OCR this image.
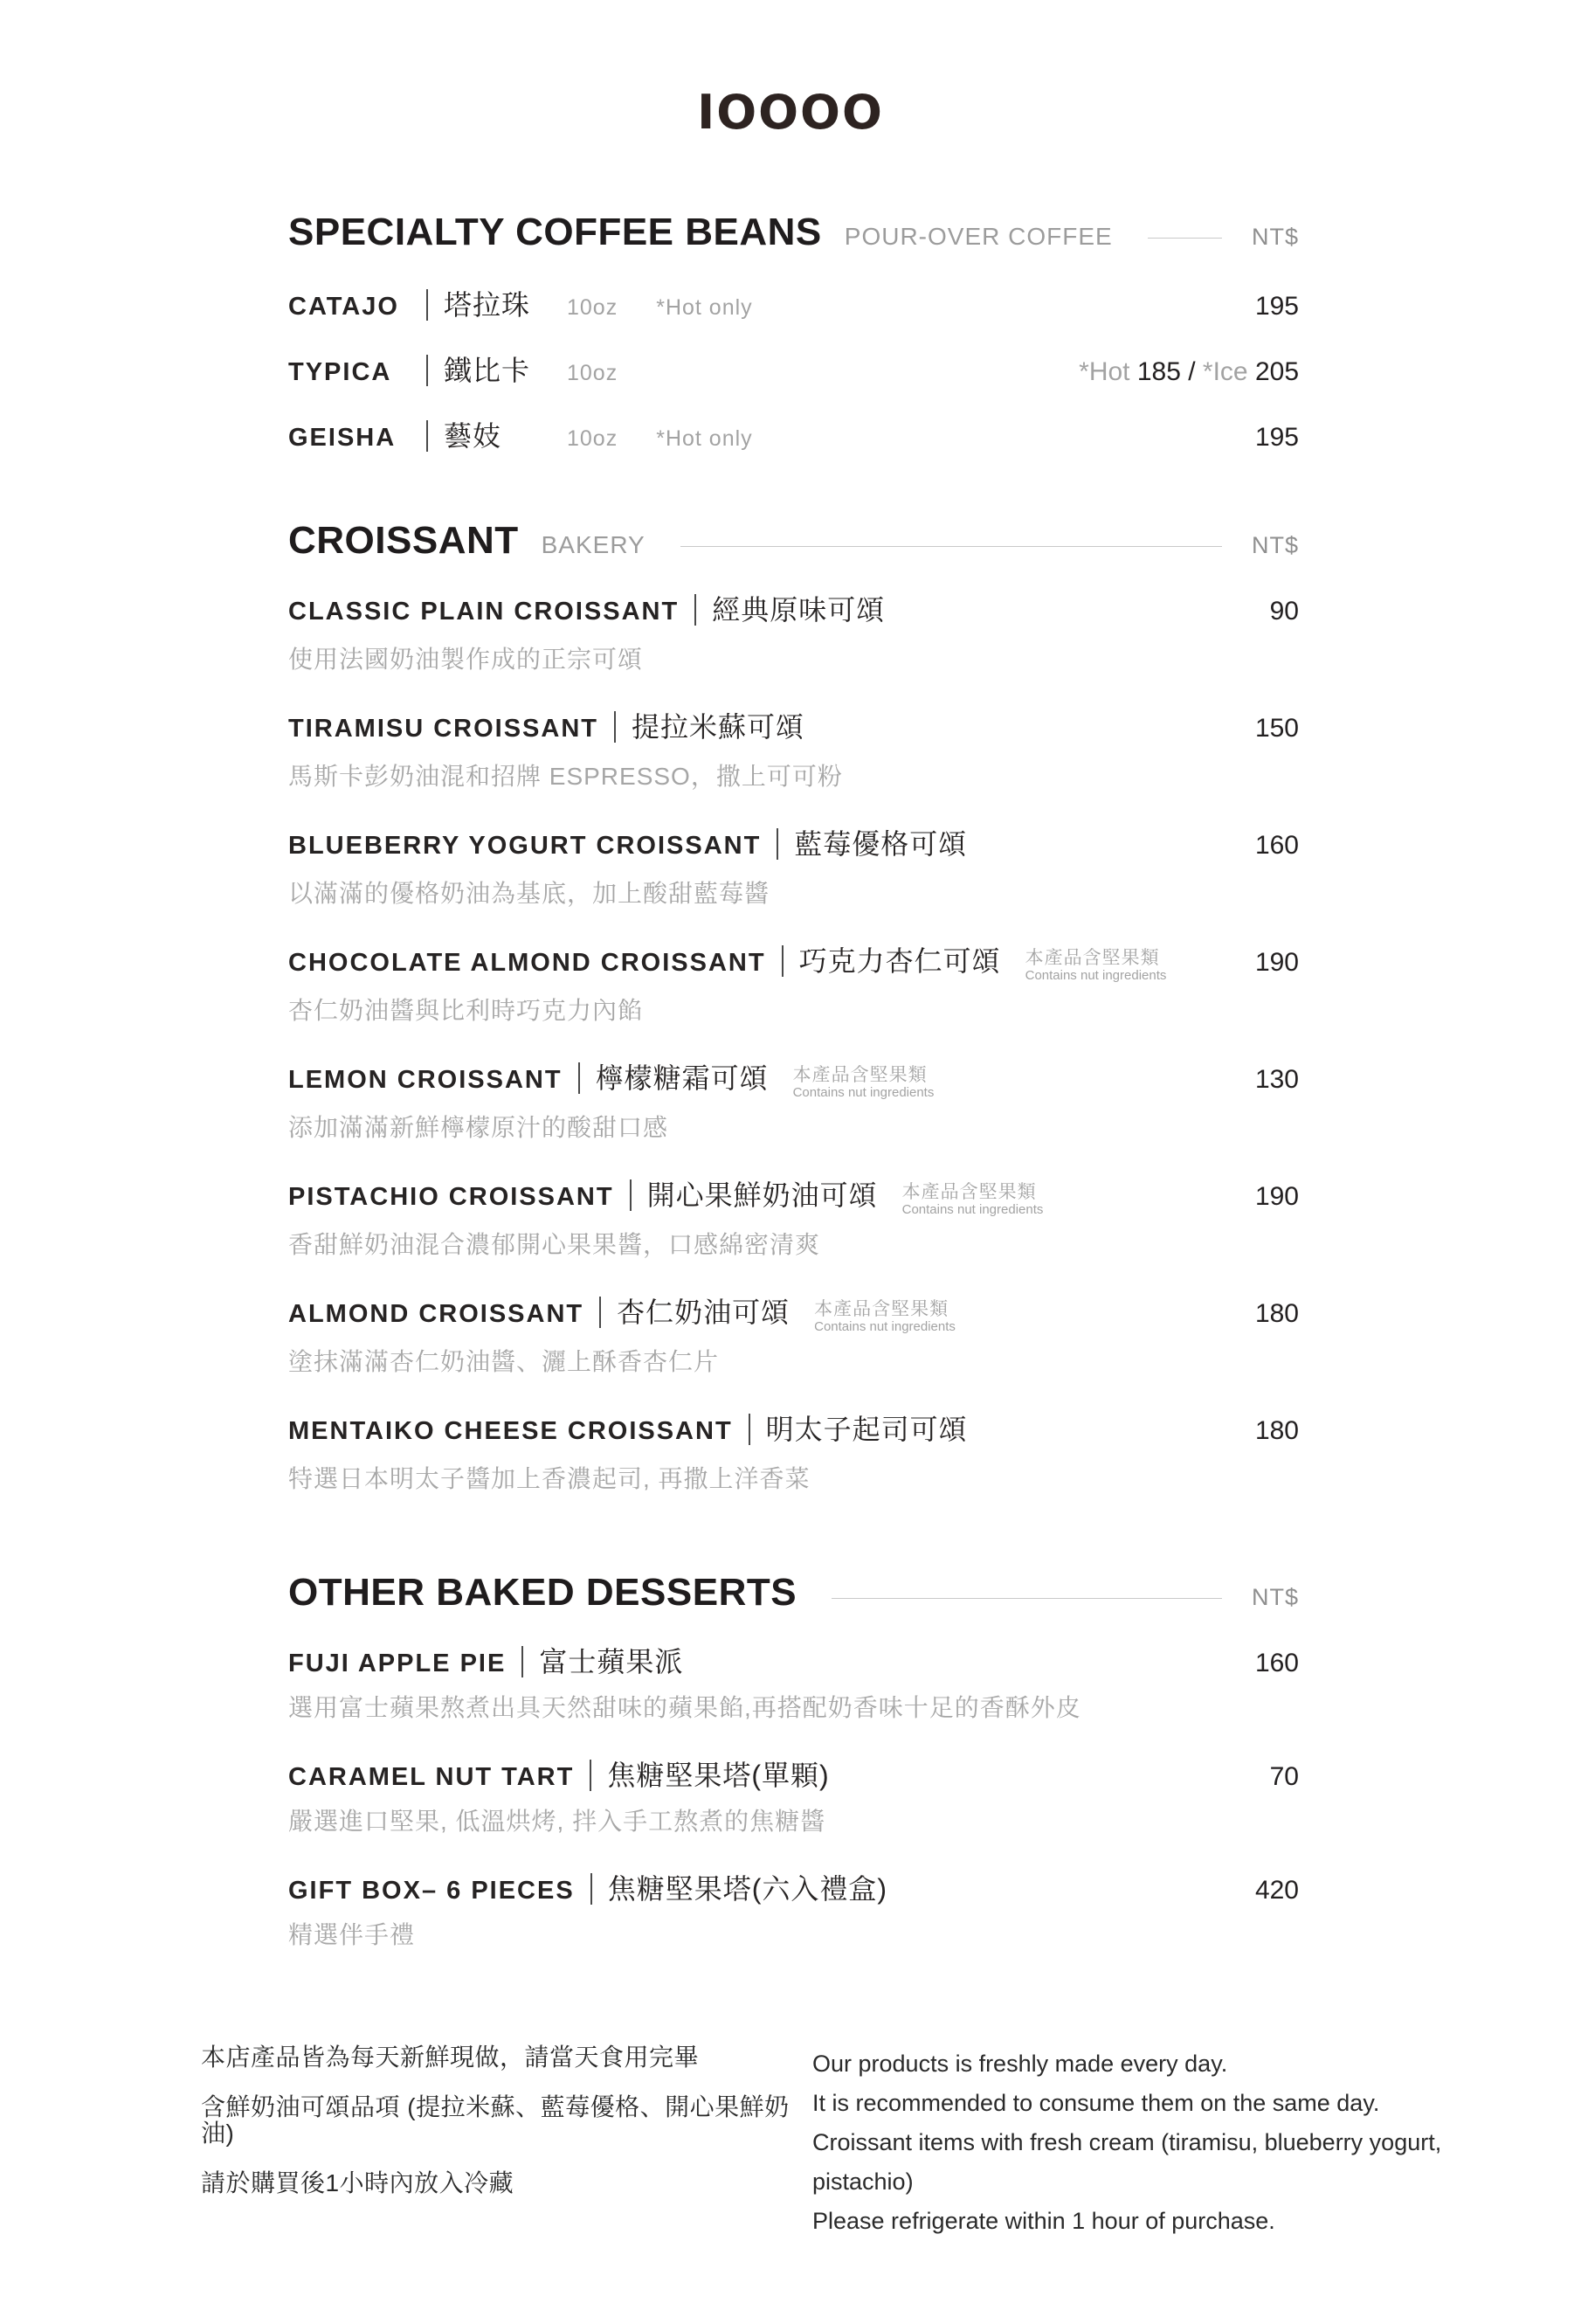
IOOOO
SPECIALTY COFFEE BEANS POUR-OVER COFFEE	NT$
CATAJO 塔拉珠	10oz *Hot only	195
TYPICA 鐵比卡	10oz	*Hot 185 / *Ice 205
GEISHA 藝妓	10oz *Hot only	195
CROISSANT BAKERY	NT$
CLASSIC PLAIN CROISSANT 經典原味可頌	90
使用法國奶油製作成的正宗可頌
TIRAMISU CROISSANT 提拉米蘇可頌	150
馬斯卡彭奶油混和招牌 ESPRESSO，撒上可可粉
BLUEBERRY YOGURT CROISSANT 藍莓優格可頌	160
以滿滿的優格奶油為基底，加上酸甜藍莓醬
CHOCOLATE ALMOND CROISSANT 巧克力杏仁可頌 本產品含堅果類
Contains nut ingredients	190
杏仁奶油醬與比利時巧克力內餡
LEMON CROISSANT 檸檬糖霜可頌 本產品含堅果類
Contains nut ingredients	130
添加滿滿新鮮檸檬原汁的酸甜口感
PISTACHIO CROISSANT 開心果鮮奶油可頌 本產品含堅果類
Contains nut ingredients	190
香甜鮮奶油混合濃郁開心果果醬，口感綿密清爽
ALMOND CROISSANT 杏仁奶油可頌 本產品含堅果類
Contains nut ingredients	180
塗抹滿滿杏仁奶油醬、灑上酥香杏仁片
MENTAIKO CHEESE CROISSANT 明太子起司可頌	180
特選日本明太子醬加上香濃起司, 再撒上洋香菜
OTHER BAKED DESSERTS	NT$
FUJI APPLE PIE 富士蘋果派	160
選用富士蘋果熬煮出具天然甜味的蘋果餡,再搭配奶香味十足的香酥外皮
CARAMEL NUT TART 焦糖堅果塔(單顆)	70
嚴選進口堅果, 低溫烘烤, 拌入手工熬煮的焦糖醬
GIFT BOX– 6 PIECES 焦糖堅果塔(六入禮盒)	420
精選伴手禮

本店產品皆為每天新鮮現做，請當天食用完畢

含鮮奶油可頌品項 (提拉米蘇、藍莓優格、開心果鮮奶油)

請於購買後1小時內放入冷藏

Our products is freshly made every day.

It is recommended to consume them on the same day.

Croissant items with fresh cream (tiramisu, blueberry yogurt, pistachio)

Please refrigerate within 1 hour of purchase.
